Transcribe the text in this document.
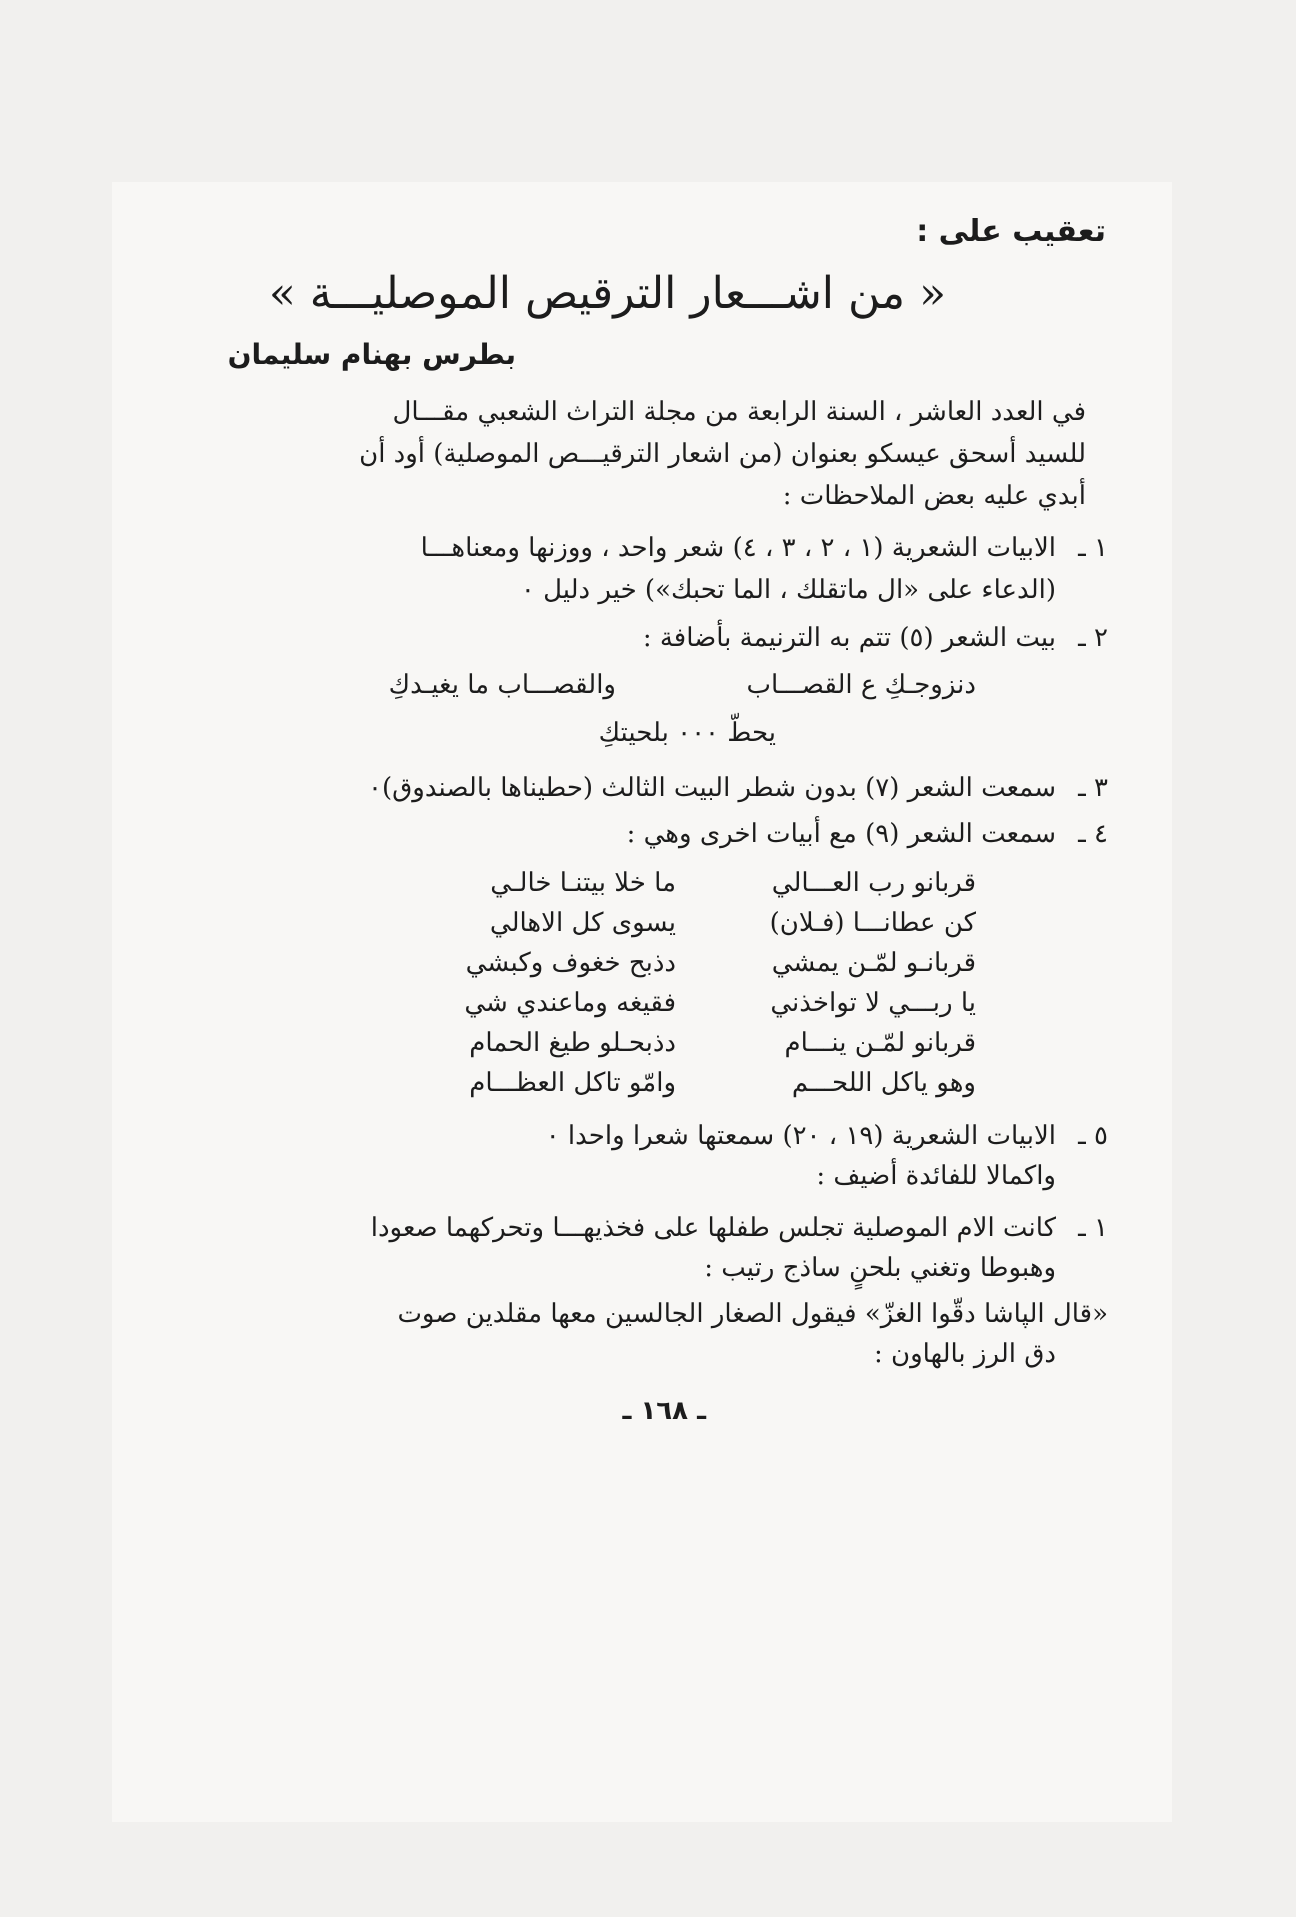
تعقيب على :
« من اشـــعار الترقيص الموصليـــة »
بطرس بهنام سليمان
في العدد العاشر ، السنة الرابعة من مجلة التراث الشعبي مقـــال
للسيد أسحق عيسكو بعنوان (من اشعار الترقيـــص الموصلية) أود أن
أبدي عليه بعض الملاحظات :
١ ـ
الابيات الشعرية (١ ، ٢ ، ٣ ، ٤) شعر واحد ، ووزنها ومعناهـــا
(الدعاء على «ال ماتقلك ، الما تحبك») خير دليل ٠
٢ ـ
بيت الشعر (٥) تتم به الترنيمة بأضافة :
دنزوجـكِ ع القصـــاب
والقصـــاب ما يغيـدكِ
يحطّ ٠٠٠ بلحيتكِ
٣ ـ
سمعت الشعر (٧) بدون شطر البيت الثالث (حطيناها بالصندوق)٠
٤ ـ
سمعت الشعر (٩) مع أبيات اخرى وهي :
قربانو رب العـــالي
ما خلا بيتنـا خالـي
كن عطانـــا (فـلان)
يسوى كل الاهالي
قربانـو لمّـن يمشي
دذبح خغوف وكبشي
يا ربـــي لا تواخذني
فقيغه وماعندي شي
قربانو لمّـن ينـــام
دذبحـلو طيغ الحمام
وهو ياكل اللحـــم
وامّو تاكل العظـــام
٥ ـ
الابيات الشعرية (١٩ ، ٢٠) سمعتها شعرا واحدا ٠
واكمالا للفائدة أضيف :
١ ـ
كانت الام الموصلية تجلس طفلها على فخذيهـــا وتحركهما صعودا
وهبوطا وتغني بلحنٍ ساذج رتيب :
«قال الپاشا دقّوا الغزّ» فيقول الصغار الجالسين معها مقلدين صوت
دق الرز بالهاون :
ـ ١٦٨ ـ
